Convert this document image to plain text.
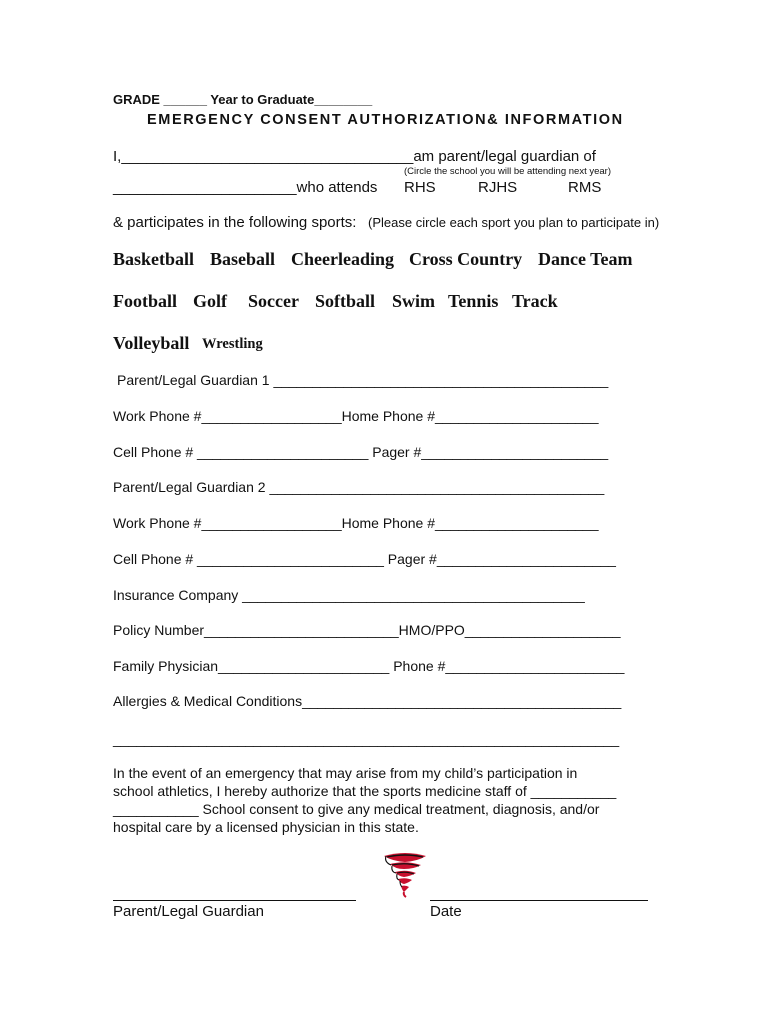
GRADE ______ Year to Graduate________
EMERGENCY CONSENT AUTHORIZATION& INFORMATION
I,___________________________________am parent/legal guardian of
(Circle the school you will be attending next year)
______________________who attends RHS	RJHS	RMS
& participates in the following sports: (Please circle each sport you plan to participate in)
Basketball Baseball Cheerleading Cross Country Dance Team
Football Golf Soccer Softball Swim Tennis Track
Volleyball Wrestling
Parent/Legal Guardian 1 ___________________________________________
Work Phone #__________________Home Phone #_____________________
Cell Phone # ______________________ Pager #________________________
Parent/Legal Guardian 2 ___________________________________________
Work Phone #__________________Home Phone #_____________________
Cell Phone # ________________________ Pager #_______________________
Insurance Company ____________________________________________
Policy Number_________________________HMO/PPO____________________
Family Physician______________________ Phone #_______________________
Allergies & Medical Conditions_________________________________________
_________________________________________________________________
In the event of an emergency that may arise from my child’s participation in
school athletics, I hereby authorize that the sports medicine staff of ___________
___________ School consent to give any medical treatment, diagnosis, and/or
hospital care by a licensed physician in this state.
Parent/Legal Guardian	Date
